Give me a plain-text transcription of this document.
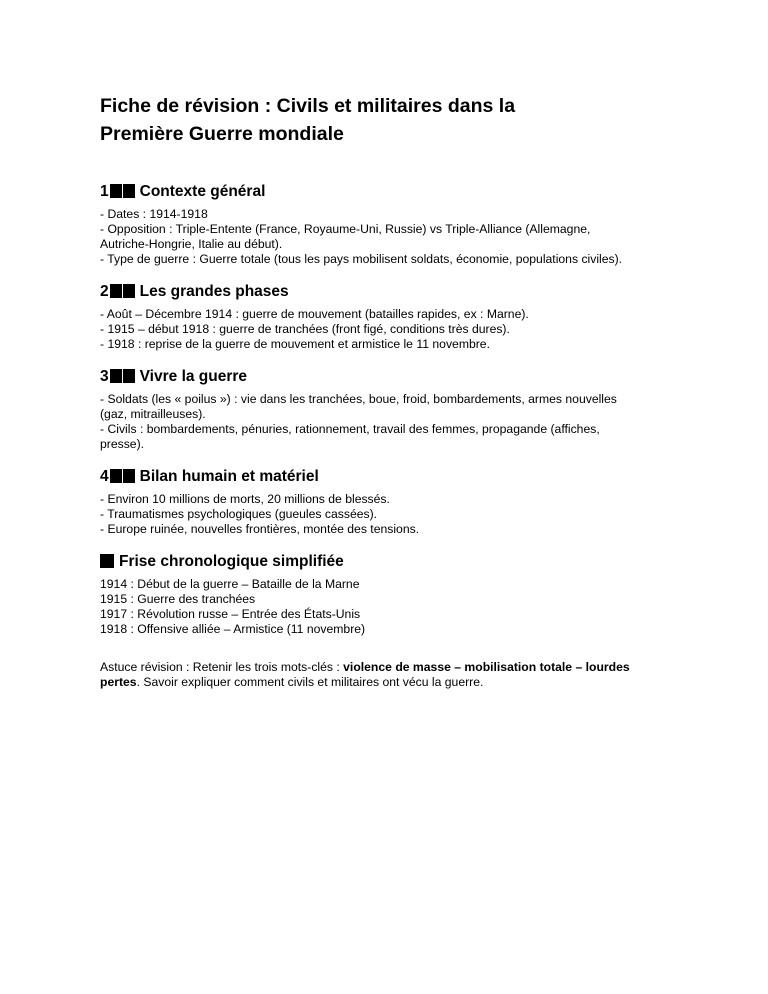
Fiche de révision : Civils et militaires dans la
Première Guerre mondiale
1 Contexte général
- Dates : 1914-1918
- Opposition : Triple-Entente (France, Royaume-Uni, Russie) vs Triple-Alliance (Allemagne,
Autriche-Hongrie, Italie au début).
- Type de guerre : Guerre totale (tous les pays mobilisent soldats, économie, populations civiles).
2 Les grandes phases
- Août – Décembre 1914 : guerre de mouvement (batailles rapides, ex : Marne).
- 1915 – début 1918 : guerre de tranchées (front figé, conditions très dures).
- 1918 : reprise de la guerre de mouvement et armistice le 11 novembre.
3 Vivre la guerre
- Soldats (les « poilus ») : vie dans les tranchées, boue, froid, bombardements, armes nouvelles
(gaz, mitrailleuses).
- Civils : bombardements, pénuries, rationnement, travail des femmes, propagande (affiches,
presse).
4 Bilan humain et matériel
- Environ 10 millions de morts, 20 millions de blessés.
- Traumatismes psychologiques (gueules cassées).
- Europe ruinée, nouvelles frontières, montée des tensions.
Frise chronologique simplifiée
1914 : Début de la guerre – Bataille de la Marne
1915 : Guerre des tranchées
1917 : Révolution russe – Entrée des États-Unis
1918 : Offensive alliée – Armistice (11 novembre)
Astuce révision : Retenir les trois mots-clés : violence de masse – mobilisation totale – lourdes
pertes. Savoir expliquer comment civils et militaires ont vécu la guerre.
